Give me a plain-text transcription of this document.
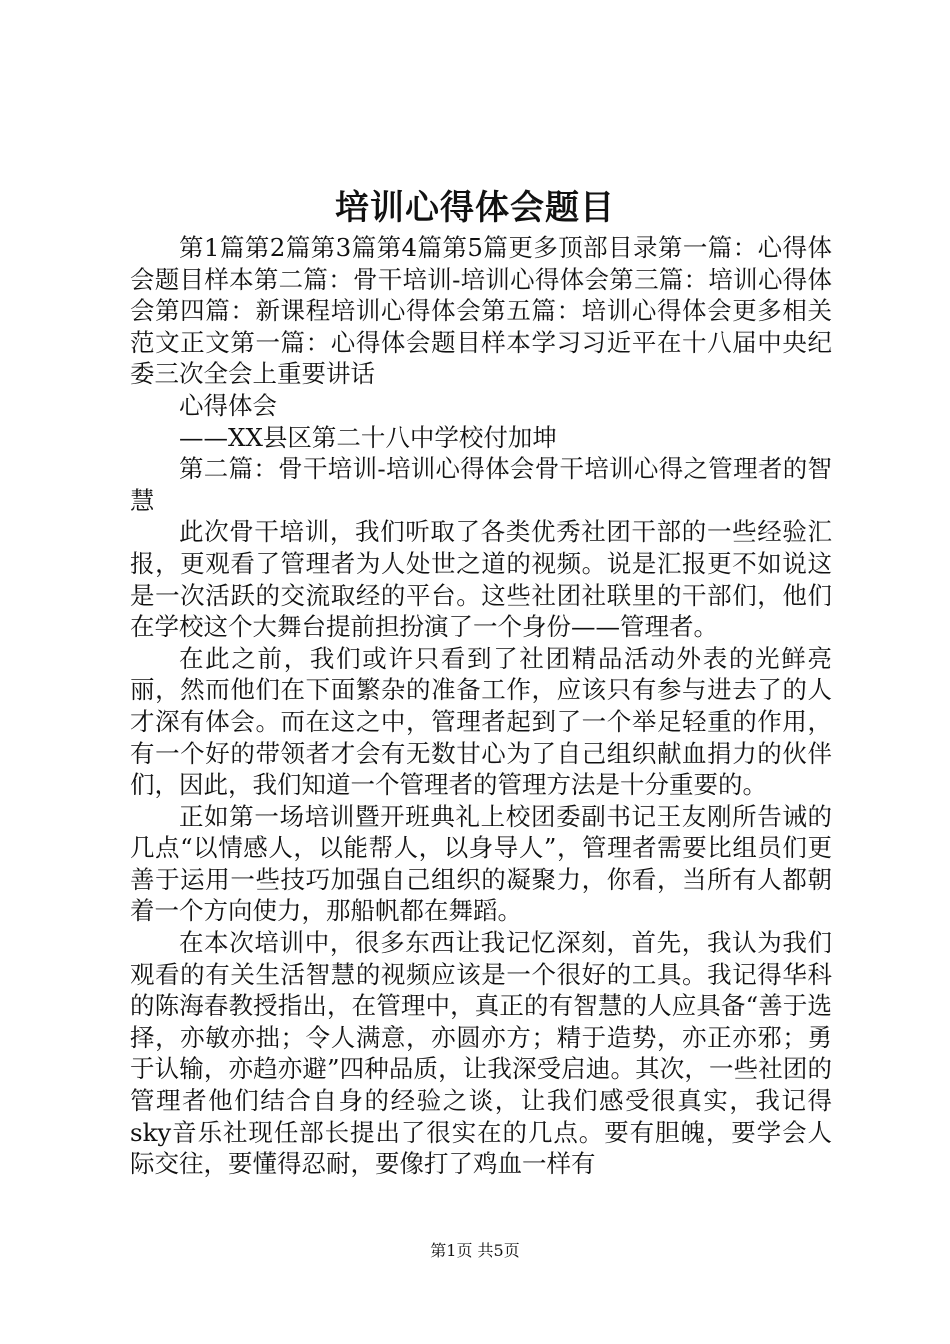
培训心得体会题目

第1篇第2篇第3篇第4篇第5篇更多顶部目录第一篇：心得体会题目样本第二篇：骨干培训-培训心得体会第三篇：培训心得体会第四篇：新课程培训心得体会第五篇：培训心得体会更多相关范文正文第一篇：心得体会题目样本学习习近平在十八届中央纪委三次全会上重要讲话

心得体会

——XX县区第二十八中学校付加坤

第二篇：骨干培训-培训心得体会骨干培训心得之管理者的智慧

此次骨干培训，我们听取了各类优秀社团干部的一些经验汇报，更观看了管理者为人处世之道的视频。说是汇报更不如说这是一次活跃的交流取经的平台。这些社团社联里的干部们，他们在学校这个大舞台提前担扮演了一个身份——管理者。

在此之前，我们或许只看到了社团精品活动外表的光鲜亮丽，然而他们在下面繁杂的准备工作，应该只有参与进去了的人才深有体会。而在这之中，管理者起到了一个举足轻重的作用，有一个好的带领者才会有无数甘心为了自己组织献血捐力的伙伴们，因此，我们知道一个管理者的管理方法是十分重要的。

正如第一场培训暨开班典礼上校团委副书记王友刚所告诫的几点“以情感人，以能帮人，以身导人”，管理者需要比组员们更善于运用一些技巧加强自己组织的凝聚力，你看，当所有人都朝着一个方向使力，那船帆都在舞蹈。

在本次培训中，很多东西让我记忆深刻，首先，我认为我们观看的有关生活智慧的视频应该是一个很好的工具。我记得华科的陈海春教授指出，在管理中，真正的有智慧的人应具备“善于选择，亦敏亦拙；令人满意，亦圆亦方；精于造势，亦正亦邪；勇于认输，亦趋亦避”四种品质，让我深受启迪。其次，一些社团的管理者他们结合自身的经验之谈，让我们感受很真实，我记得sky音乐社现任部长提出了很实在的几点。要有胆魄，要学会人际交往，要懂得忍耐，要像打了鸡血一样有

第1页 共5页
